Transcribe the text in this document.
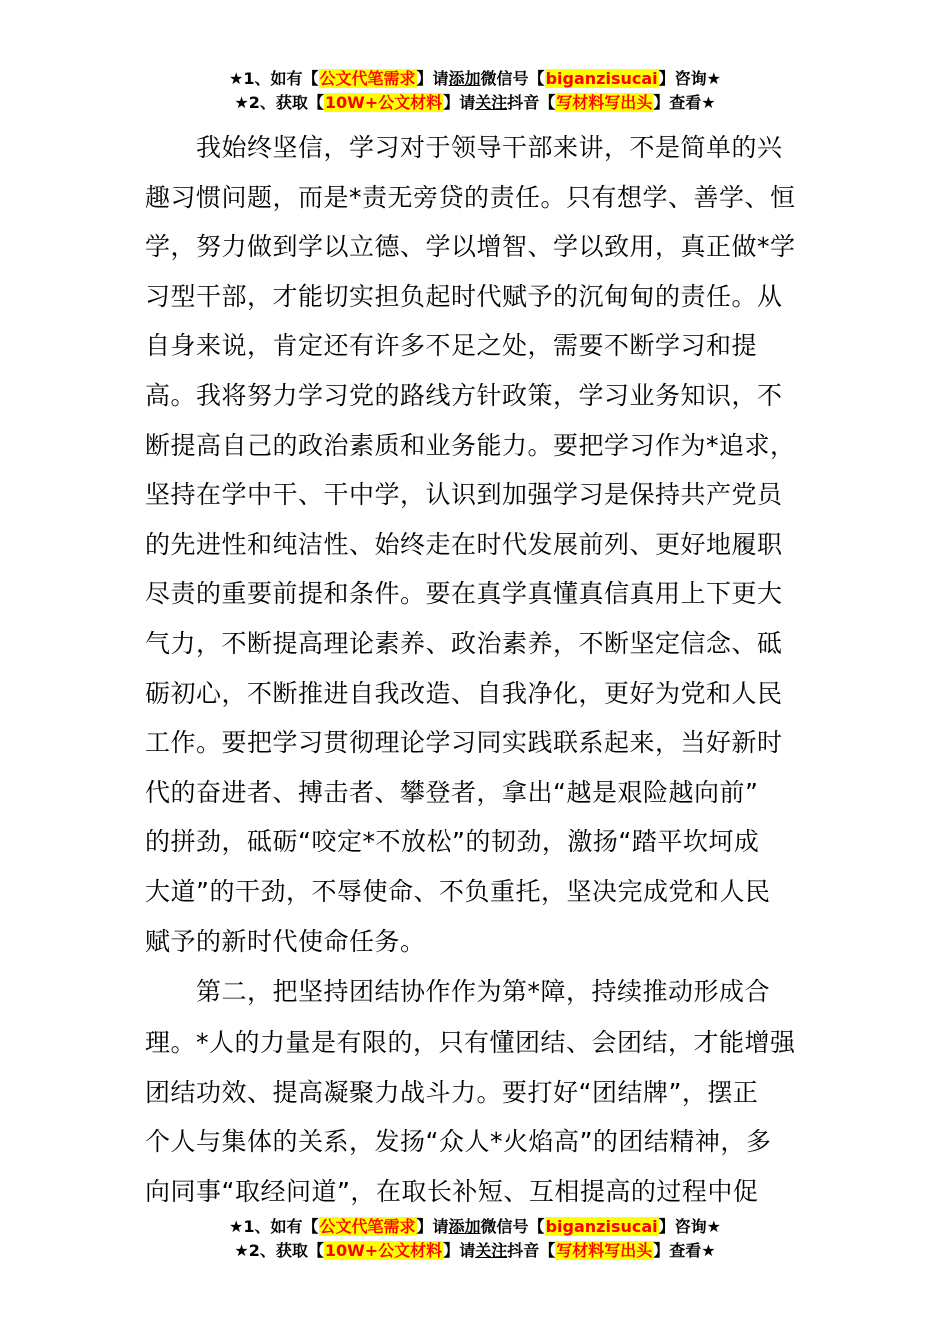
★1、如有【公文代笔需求】请添加微信号【biganzisucai】咨询★
★2、获取【10W+公文材料】请关注抖音【写材料写出头】查看★
　　我始终坚信，学习对于领导干部来讲，不是简单的兴
趣习惯问题，而是*责无旁贷的责任。只有想学、善学、恒
学，努力做到学以立德、学以增智、学以致用，真正做*学
习型干部，才能切实担负起时代赋予的沉甸甸的责任。从
自身来说，肯定还有许多不足之处，需要不断学习和提
高。我将努力学习党的路线方针政策，学习业务知识，不
断提高自己的政治素质和业务能力。要把学习作为*追求，
坚持在学中干、干中学，认识到加强学习是保持共产党员
的先进性和纯洁性、始终走在时代发展前列、更好地履职
尽责的重要前提和条件。要在真学真懂真信真用上下更大
气力，不断提高理论素养、政治素养，不断坚定信念、砥
砺初心，不断推进自我改造、自我净化，更好为党和人民
工作。要把学习贯彻理论学习同实践联系起来，当好新时
代的奋进者、搏击者、攀登者，拿出“越是艰险越向前”
的拼劲，砥砺“咬定*不放松”的韧劲，激扬“踏平坎坷成
大道”的干劲，不辱使命、不负重托，坚决完成党和人民
赋予的新时代使命任务。
　　第二，把坚持团结协作作为第*障，持续推动形成合
理。*人的力量是有限的，只有懂团结、会团结，才能增强
团结功效、提高凝聚力战斗力。要打好“团结牌”，摆正
个人与集体的关系，发扬“众人*火焰高”的团结精神，多
向同事“取经问道”，在取长补短、互相提高的过程中促
★1、如有【公文代笔需求】请添加微信号【biganzisucai】咨询★
★2、获取【10W+公文材料】请关注抖音【写材料写出头】查看★
